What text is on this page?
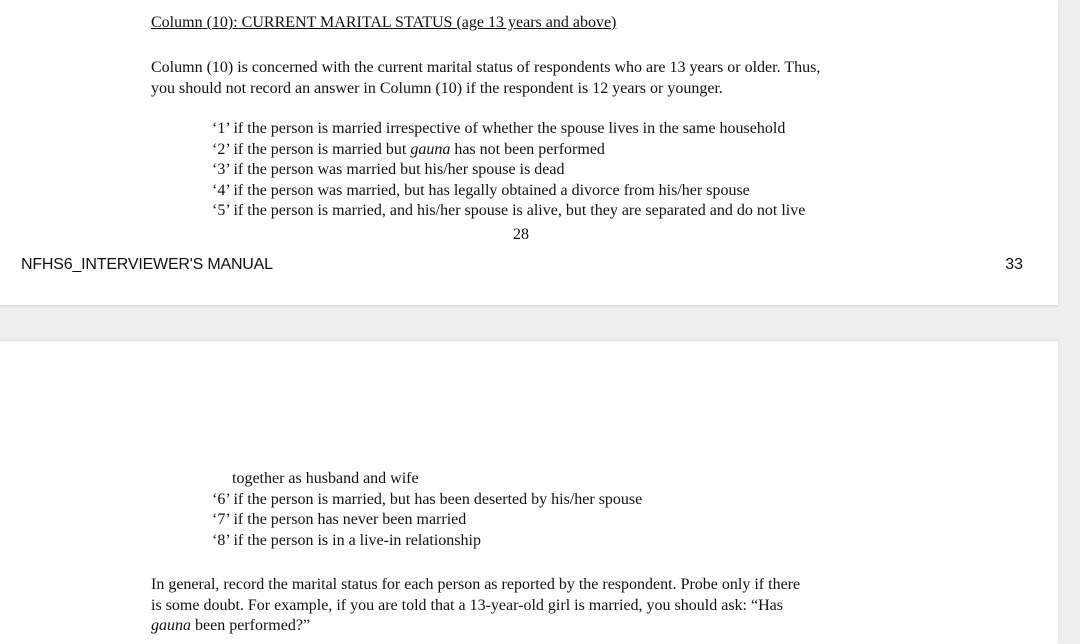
Column (10): CURRENT MARITAL STATUS (age 13 years and above)
Column (10) is concerned with the current marital status of respondents who are 13 years or older. Thus,
you should not record an answer in Column (10) if the respondent is 12 years or younger.
‘1’ if the person is married irrespective of whether the spouse lives in the same household
‘2’ if the person is married but gauna has not been performed
‘3’ if the person was married but his/her spouse is dead
‘4’ if the person was married, but has legally obtained a divorce from his/her spouse
‘5’ if the person is married, and his/her spouse is alive, but they are separated and do not live
28
NFHS6_INTERVIEWER'S MANUAL	33
together as husband and wife
‘6’ if the person is married, but has been deserted by his/her spouse
‘7’ if the person has never been married
‘8’ if the person is in a live-in relationship
In general, record the marital status for each person as reported by the respondent. Probe only if there
is some doubt. For example, if you are told that a 13-year-old girl is married, you should ask: “Has
gauna been performed?”
